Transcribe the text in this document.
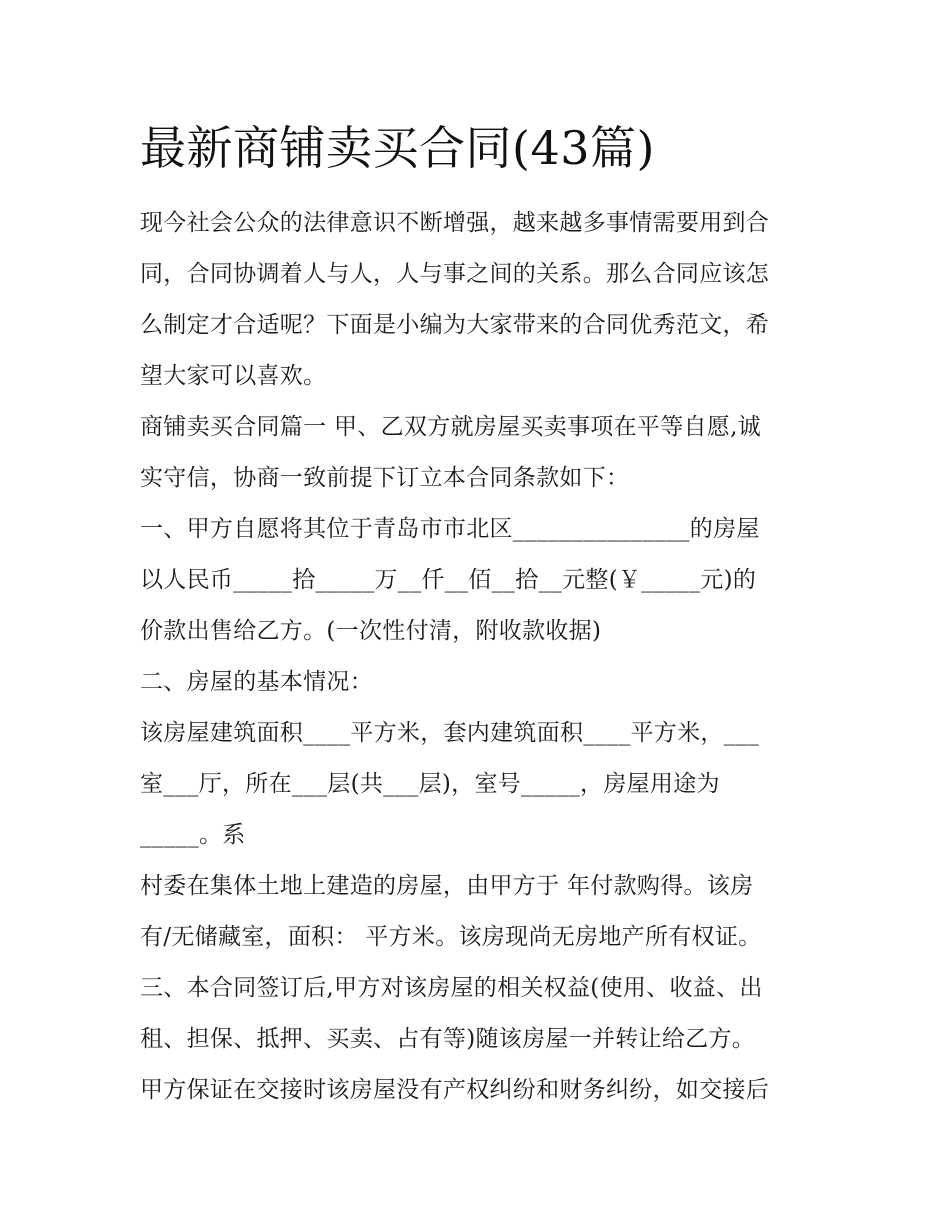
最新商铺卖买合同(43篇)
现今社会公众的法律意识不断增强，越来越多事情需要用到合
同，合同协调着人与人，人与事之间的关系。那么合同应该怎
么制定才合适呢？下面是小编为大家带来的合同优秀范文，希
望大家可以喜欢。
商铺卖买合同篇一 甲、乙双方就房屋买卖事项在平等自愿,诚
实守信，协商一致前提下订立本合同条款如下：
一、甲方自愿将其位于青岛市市北区_______________的房屋
以人民币_____拾_____万__仟__佰__拾__元整(￥_____元)的
价款出售给乙方。(一次性付清，附收款收据)
二、房屋的基本情况：
该房屋建筑面积____平方米，套内建筑面积____平方米，___
室___厅，所在___层(共___层)，室号_____，房屋用途为
_____。系
村委在集体土地上建造的房屋，由甲方于 年付款购得。该房
有/无储藏室，面积： 平方米。该房现尚无房地产所有权证。
三、本合同签订后,甲方对该房屋的相关权益(使用、收益、出
租、担保、抵押、买卖、占有等)随该房屋一并转让给乙方。
甲方保证在交接时该房屋没有产权纠纷和财务纠纷，如交接后
